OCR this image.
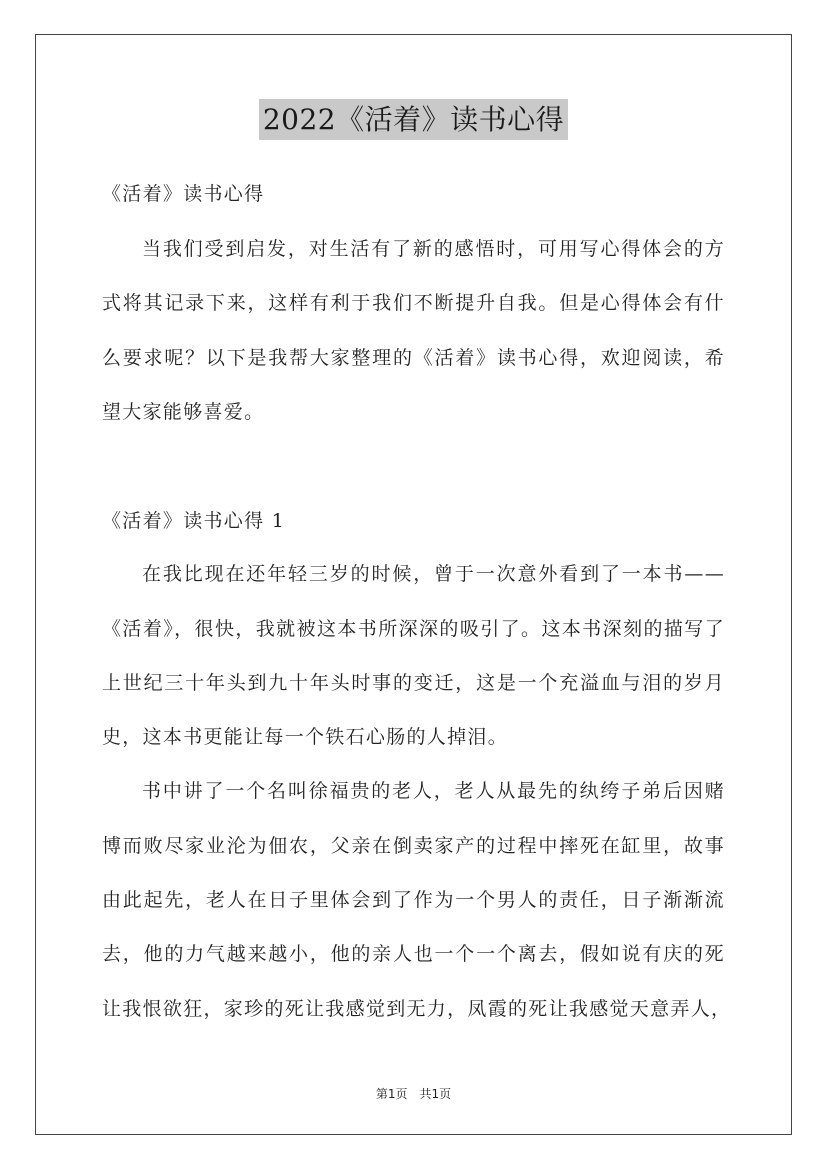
2022《活着》读书心得
《活着》读书心得
当我们受到启发，对生活有了新的感悟时，可用写心得体会的方
式将其记录下来，这样有利于我们不断提升自我。但是心得体会有什
么要求呢？以下是我帮大家整理的《活着》读书心得，欢迎阅读，希
望大家能够喜爱。
《活着》读书心得 1
在我比现在还年轻三岁的时候，曾于一次意外看到了一本书——
《活着》，很快，我就被这本书所深深的吸引了。这本书深刻的描写了
上世纪三十年头到九十年头时事的变迁，这是一个充溢血与泪的岁月
史，这本书更能让每一个铁石心肠的人掉泪。
书中讲了一个名叫徐福贵的老人，老人从最先的纨绔子弟后因赌
博而败尽家业沦为佃农，父亲在倒卖家产的过程中摔死在缸里，故事
由此起先，老人在日子里体会到了作为一个男人的责任，日子渐渐流
去，他的力气越来越小，他的亲人也一个一个离去，假如说有庆的死
让我恨欲狂，家珍的死让我感觉到无力，凤霞的死让我感觉天意弄人，
第1页　共1页
